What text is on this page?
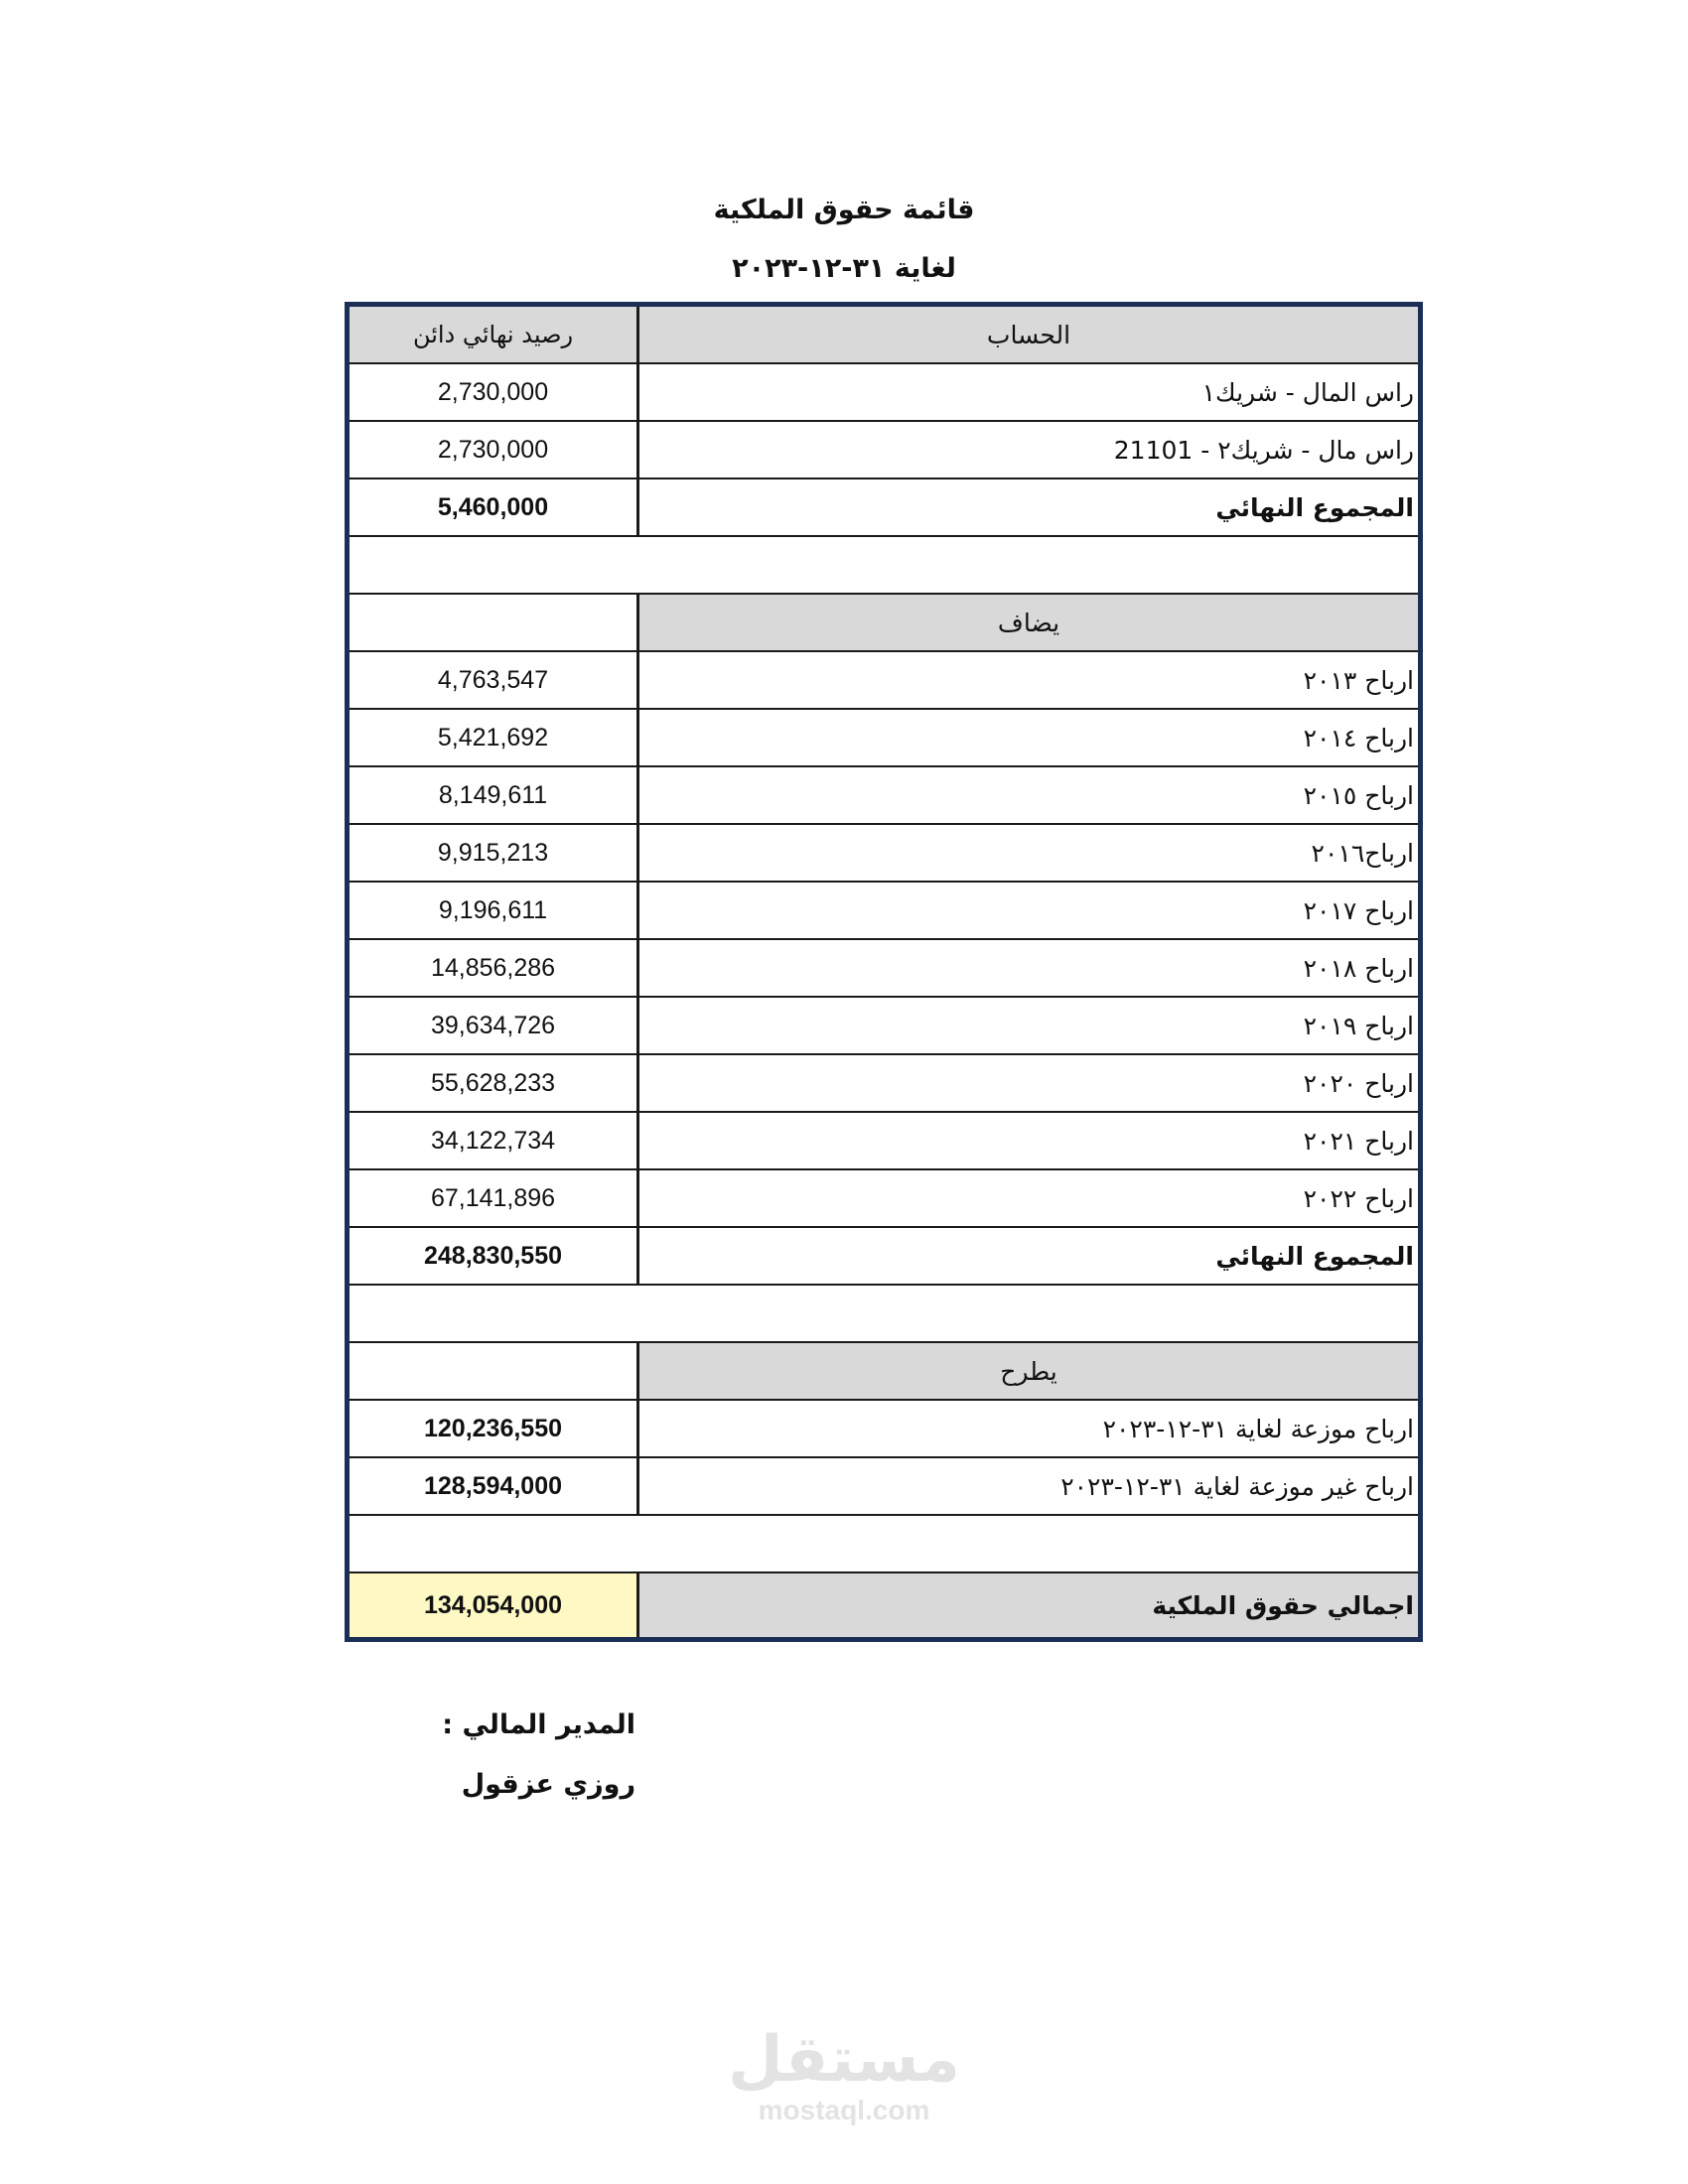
قائمة حقوق الملكية
لغاية ٣١-١٢-٢٠٢٣
رصيد نهائي دائن	الحساب
2,730,000	راس المال - شريك١
2,730,000	راس مال - شريك٢ - 21101
5,460,000	المجموع النهائي
يضاف
4,763,547	ارباح ٢٠١٣
5,421,692	ارباح ٢٠١٤
8,149,611	ارباح ٢٠١٥
9,915,213	ارباح٢٠١٦
9,196,611	ارباح ٢٠١٧
14,856,286	ارباح ٢٠١٨
39,634,726	ارباح ٢٠١٩
55,628,233	ارباح ٢٠٢٠
34,122,734	ارباح ٢٠٢١
67,141,896	ارباح ٢٠٢٢
248,830,550	المجموع النهائي
يطرح
120,236,550	ارباح موزعة لغاية ٣١-١٢-٢٠٢٣
128,594,000	ارباح غير موزعة لغاية ٣١-١٢-٢٠٢٣
134,054,000	اجمالي حقوق الملكية
المدير المالي :
روزي عزقول
مستقل
mostaql.com
